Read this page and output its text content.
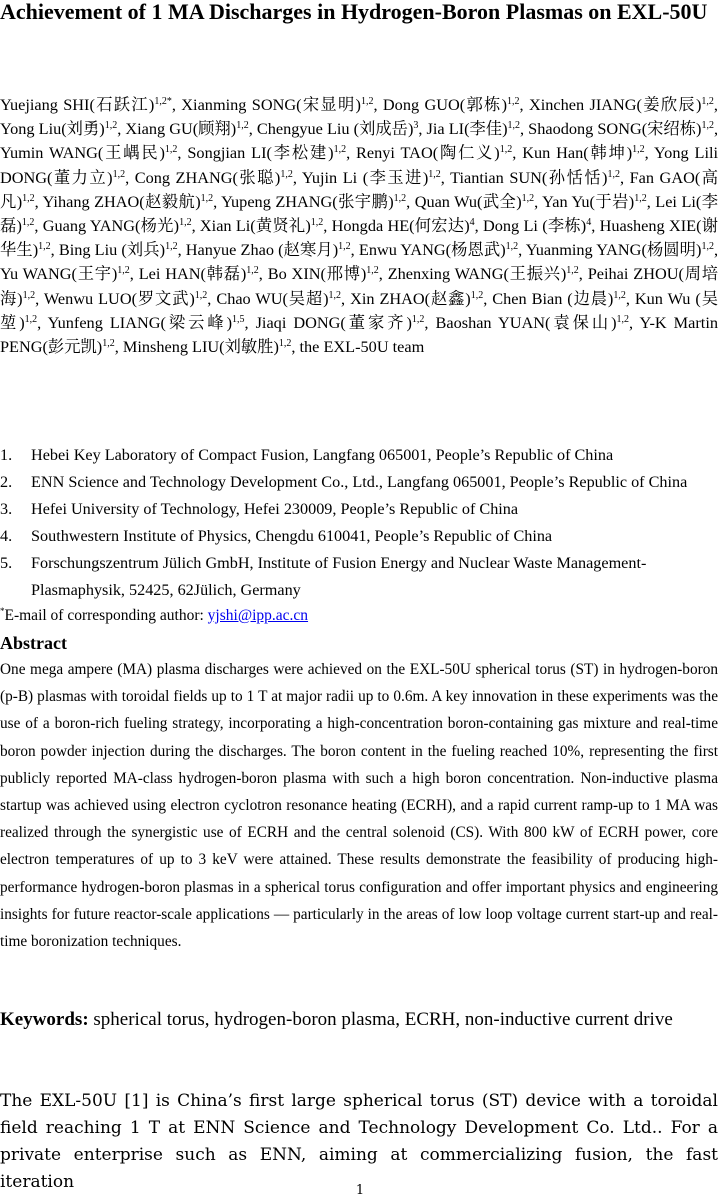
Achievement of 1 MA Discharges in Hydrogen-Boron Plasmas on EXL-50U

Yuejiang SHI(石跃江)$^{1,2*}$, Xianming SONG(宋显明)$^{1,2}$, Dong GUO(郭栋)$^{1,2}$, Xinchen JIANG(姜欣辰)$^{1,2}$, Yong Liu(刘勇)$^{1,2}$, Xiang GU(顾翔)$^{1,2}$, Chengyue Liu (刘成岳)$^3$, Jia LI(李佳)$^{1,2}$, Shaodong SONG(宋绍栋)$^{1,2}$, Yumin WANG(王嵎民)$^{1,2}$, Songjian LI(李松建)$^{1,2}$, Renyi TAO(陶仁义)$^{1,2}$, Kun Han(韩坤)$^{1,2}$, Yong Lili DONG(董力立)$^{1,2}$, Cong ZHANG(张聪)$^{1,2}$, Yujin Li (李玉进)$^{1,2}$, Tiantian SUN(孙恬恬)$^{1,2}$, Fan GAO(高凡)$^{1,2}$, Yihang ZHAO(赵毅航)$^{1,2}$, Yupeng ZHANG(张宇鹏)$^{1,2}$, Quan Wu(武全)$^{1,2}$, Yan Yu(于岩)$^{1,2}$, Lei Li(李磊)$^{1,2}$, Guang YANG(杨光)$^{1,2}$, Xian Li(黄贤礼)$^{1,2}$, Hongda HE(何宏达)$^4$, Dong Li (李栋)$^4$, Huasheng XIE(谢华生)$^{1,2}$, Bing Liu (刘兵)$^{1,2}$, Hanyue Zhao (赵寒月)$^{1,2}$, Enwu YANG(杨恩武)$^{1,2}$, Yuanming YANG(杨圆明)$^{1,2}$, Yu WANG(王宇)$^{1,2}$, Lei HAN(韩磊)$^{1,2}$, Bo XIN(邢博)$^{1,2}$, Zhenxing WANG(王振兴)$^{1,2}$, Peihai ZHOU(周培海)$^{1,2}$, Wenwu LUO(罗文武)$^{1,2}$, Chao WU(吴超)$^{1,2}$, Xin ZHAO(赵鑫)$^{1,2}$, Chen Bian (边晨)$^{1,2}$, Kun Wu (吴堃)$^{1,2}$, Yunfeng LIANG(梁云峰)$^{1,5}$, Jiaqi DONG(董家齐)$^{1,2}$, Baoshan YUAN(袁保山)$^{1,2}$, Y-K Martin PENG(彭元凯)$^{1,2}$, Minsheng LIU(刘敏胜)$^{1,2}$, the EXL-50U team

1. Hebei Key Laboratory of Compact Fusion, Langfang 065001, People’s Republic of China

2. ENN Science and Technology Development Co., Ltd., Langfang 065001, People’s Republic of China

3. Hefei University of Technology, Hefei 230009, People’s Republic of China

4. Southwestern Institute of Physics, Chengdu 610041, People’s Republic of China

5. Forschungszentrum Jülich GmbH, Institute of Fusion Energy and Nuclear Waste Management-Plasmaphysik, 52425, 62Jülich, Germany

*E-mail of corresponding author: yjshi@ipp.ac.cn

Abstract

One mega ampere (MA) plasma discharges were achieved on the EXL-50U spherical torus (ST) in hydrogen-boron (p-B) plasmas with toroidal fields up to 1 T at major radii up to 0.6m. A key innovation in these experiments was the use of a boron-rich fueling strategy, incorporating a high-concentration boron-containing gas mixture and real-time boron powder injection during the discharges. The boron content in the fueling reached 10%, representing the first publicly reported MA-class hydrogen-boron plasma with such a high boron concentration. Non-inductive plasma startup was achieved using electron cyclotron resonance heating (ECRH), and a rapid current ramp-up to 1 MA was realized through the synergistic use of ECRH and the central solenoid (CS). With 800 kW of ECRH power, core electron temperatures of up to 3 keV were attained. These results demonstrate the feasibility of producing high-performance hydrogen-boron plasmas in a spherical torus configuration and offer important physics and engineering insights for future reactor-scale applications — particularly in the areas of low loop voltage current start-up and real-time boronization techniques.

Keywords: spherical torus, hydrogen-boron plasma, ECRH, non-inductive current drive

The EXL-50U [1] is China’s first large spherical torus (ST) device with a toroidal field reaching 1 T at ENN Science and Technology Development Co. Ltd.. For a private enterprise such as ENN, aiming at commercializing fusion, the fast iteration	1
